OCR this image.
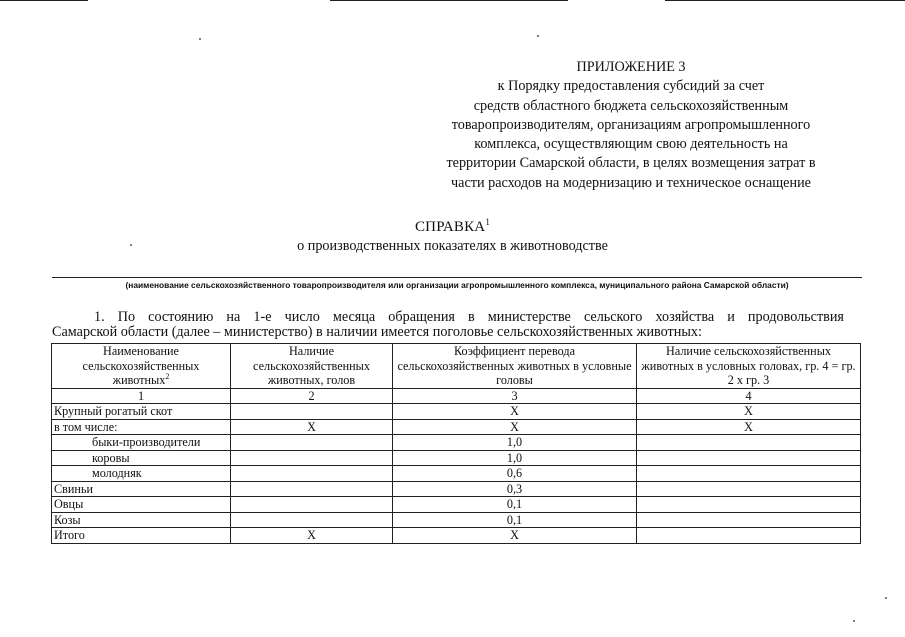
ПРИЛОЖЕНИЕ 3
к Порядку предоставления субсидий за счет
средств областного бюджета сельскохозяйственным
товаропроизводителям, организациям агропромышленного
комплекса, осуществляющим свою деятельность на
территории Самарской области, в целях возмещения затрат в
части расходов на модернизацию и техническое оснащение
СПРАВКА$^1$
о производственных показателях в животноводстве
(наименование сельскохозяйственного товаропроизводителя или организации агропромышленного комплекса, муниципального района Самарской области)
1. По состоянию на 1-е число месяца обращения в министерстве сельского хозяйства и продовольствия
Самарской области (далее – министерство) в наличии имеется поголовье сельскохозяйственных животных:
Наименование сельскохозяйственных животных$^2$	Наличие сельскохозяйственных животных, голов	Коэффициент перевода сельскохозяйственных животных в условные головы	Наличие сельскохозяйственных животных в условных головах, гр. 4 = гр. 2 х гр. 3
1	2	3	4
Крупный рогатый скот		Х	Х
в том числе:	Х	Х	Х
быки-производители		1,0	
коровы		1,0	
молодняк		0,6	
Свиньи		0,3	
Овцы		0,1	
Козы		0,1	
Итого	Х	Х	
